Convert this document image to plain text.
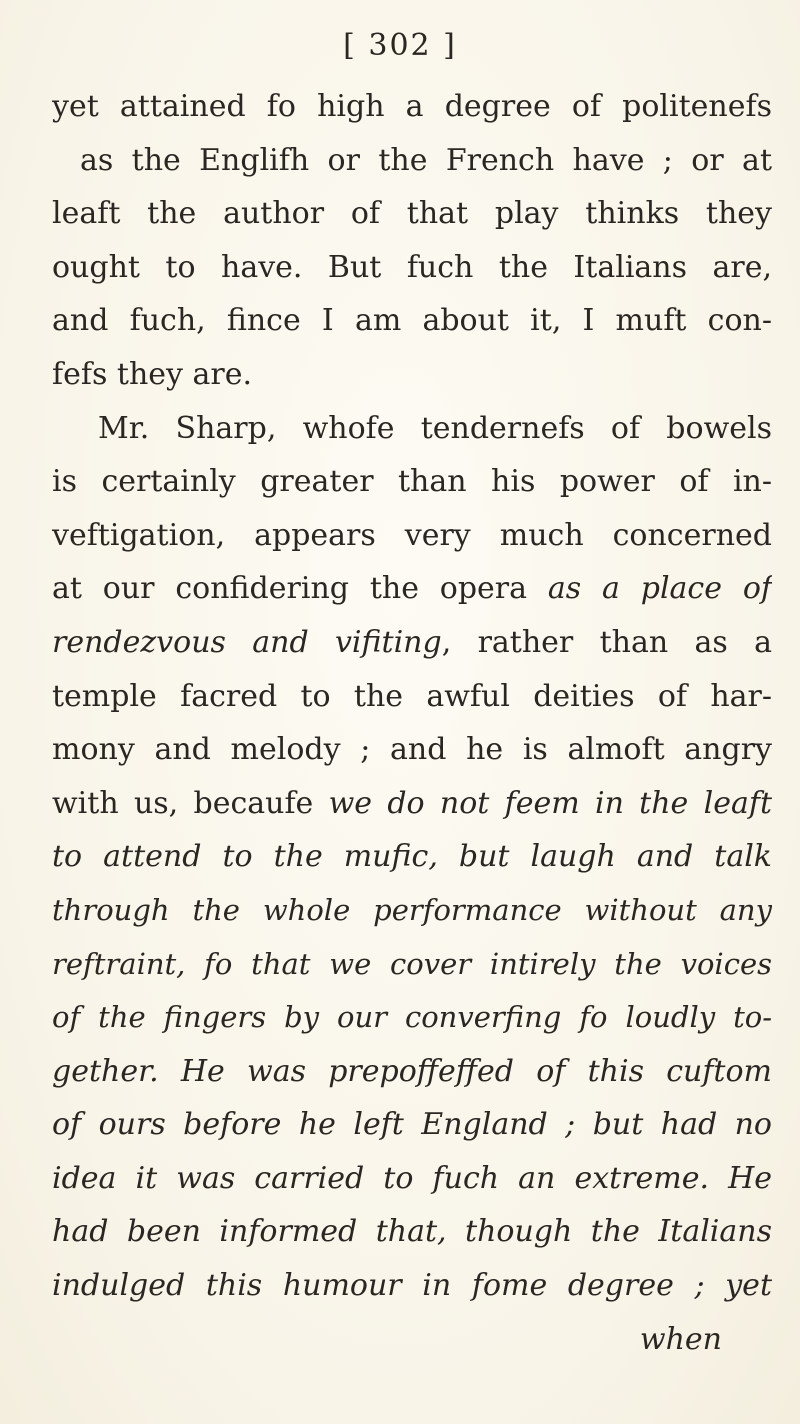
[ 302 ]
yet attained fo high a degree of politenefs
as the Englifh or the French have ; or at
leaft the author of that play thinks they
ought to have. But fuch the Italians are,
and fuch, fince I am about it, I muft con-
fefs they are.
Mr. Sharp, whofe tendernefs of bowels
is certainly greater than his power of in-
veftigation, appears very much concerned
at our confidering the opera as a place of
rendezvous and vifiting, rather than as a
temple facred to the awful deities of har-
mony and melody ; and he is almoft angry
with us, becaufe we do not feem in the leaft
to attend to the mufic, but laugh and talk
through the whole performance without any
reftraint, fo that we cover intirely the voices
of the fingers by our converfing fo loudly to-
gether. He was prepoffeffed of this cuftom
of ours before he left England ; but had no
idea it was carried to fuch an extreme. He
had been informed that, though the Italians
indulged this humour in fome degree ; yet
when
